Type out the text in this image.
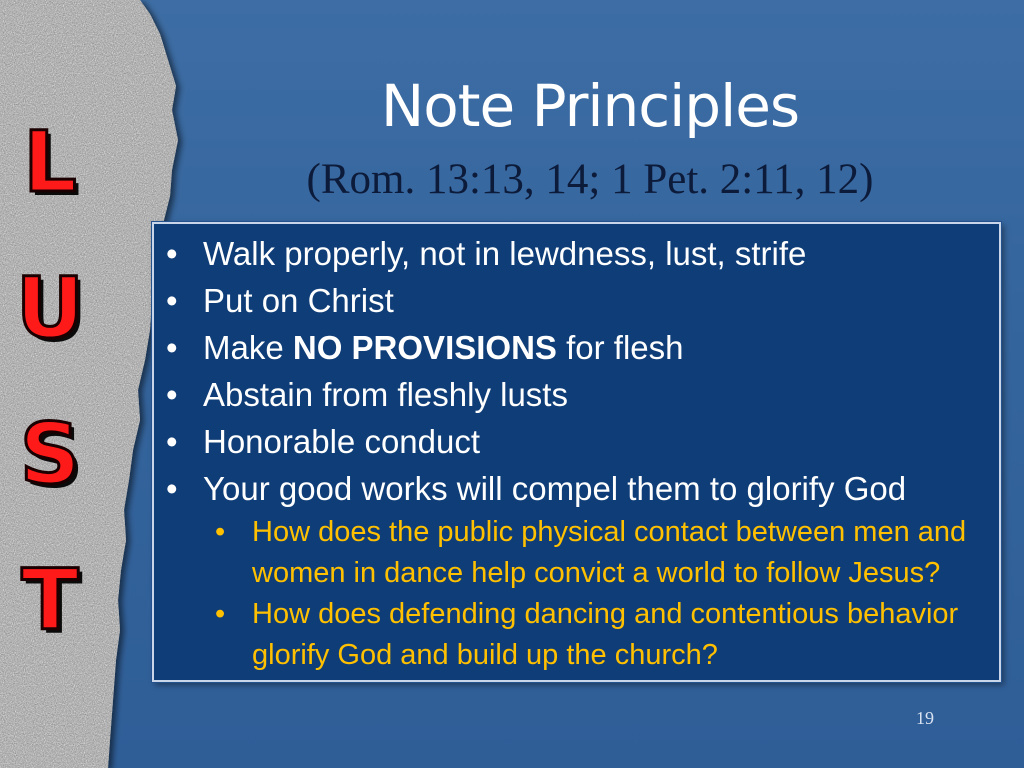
L
U
S
T
Note Principles
(Rom. 13:13, 14; 1 Pet. 2:11, 12)
• Walk properly, not in lewdness, lust, strife
• Put on Christ
• Make NO PROVISIONS for flesh
• Abstain from fleshly lusts
• Honorable conduct
• Your good works will compel them to glorify God
• How does the public physical contact between men and women in dance help convict a world to follow Jesus?
• How does defending dancing and contentious behavior  glorify God and build up the church?
19
